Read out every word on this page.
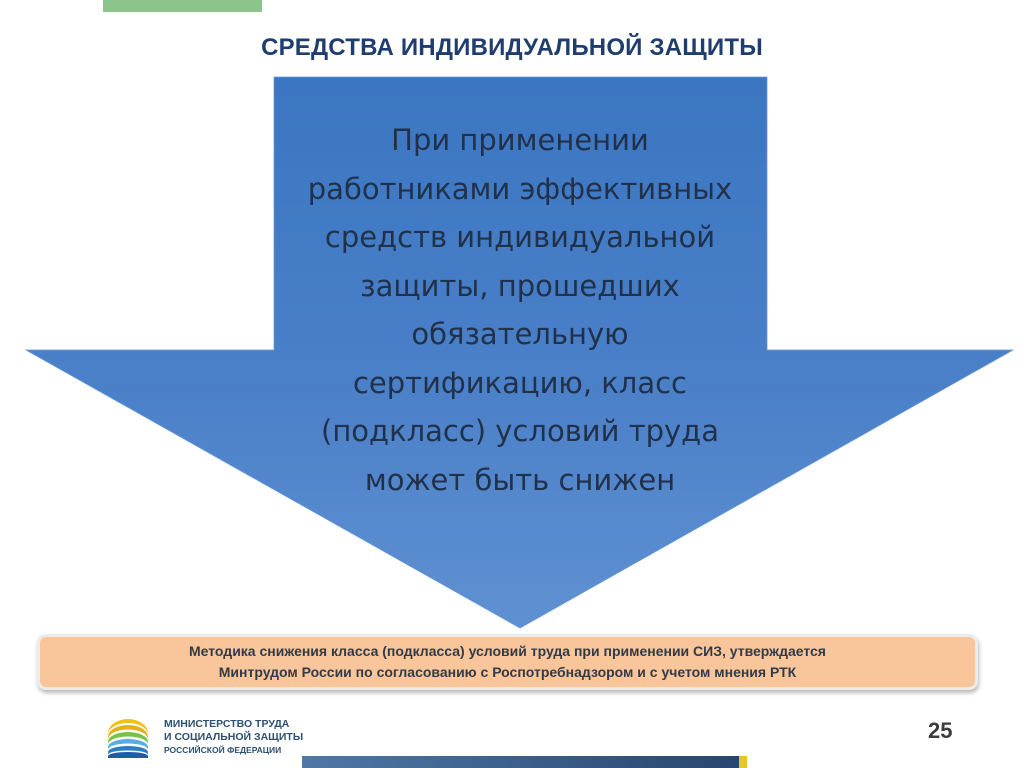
СРЕДСТВА ИНДИВИДУАЛЬНОЙ ЗАЩИТЫ
При применении
работниками эффективных
средств индивидуальной
защиты, прошедших
обязательную
сертификацию, класс
(подкласс) условий труда
может быть снижен
Методика снижения класса (подкласса) условий труда при применении СИЗ, утверждается
Минтрудом России по согласованию с Роспотребнадзором и с учетом мнения РТК
МИНИСТЕРСТВО ТРУДА
И СОЦИАЛЬНОЙ ЗАЩИТЫ
РОССИЙСКОЙ ФЕДЕРАЦИИ
25
